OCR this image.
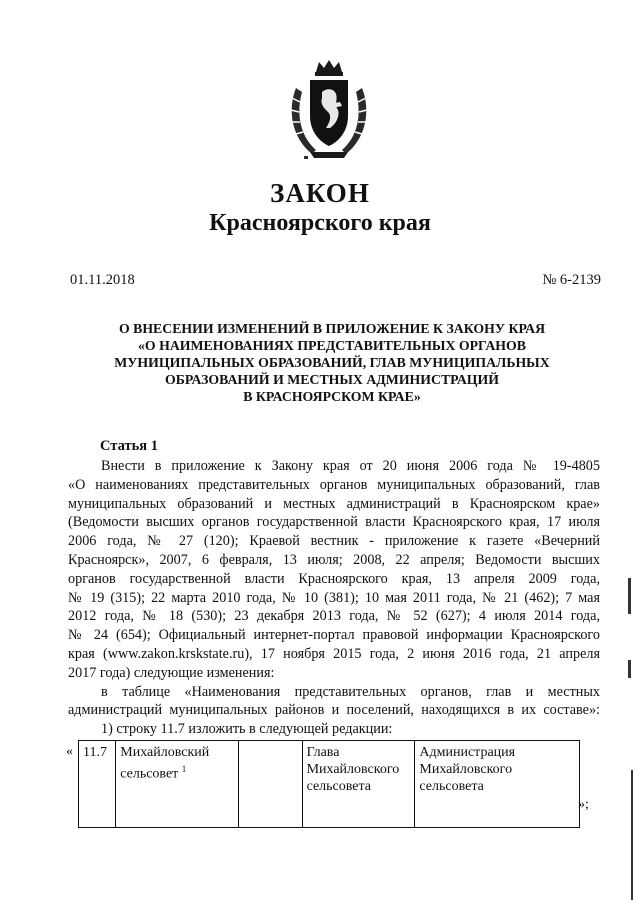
ЗАКОН
Красноярского края
01.11.2018	№ 6-2139
О ВНЕСЕНИИ ИЗМЕНЕНИЙ В ПРИЛОЖЕНИЕ К ЗАКОНУ КРАЯ
«О НАИМЕНОВАНИЯХ ПРЕДСТАВИТЕЛЬНЫХ ОРГАНОВ
МУНИЦИПАЛЬНЫХ ОБРАЗОВАНИЙ, ГЛАВ МУНИЦИПАЛЬНЫХ
ОБРАЗОВАНИЙ И МЕСТНЫХ АДМИНИСТРАЦИЙ
В КРАСНОЯРСКОМ КРАЕ»
Статья 1
Внести в приложение к Закону края от 20 июня 2006 года № 19-4805
«О наименованиях представительных органов муниципальных образований, глав
муниципальных образований и местных администраций в Красноярском крае»
(Ведомости высших органов государственной власти Красноярского края, 17 июля
2006 года, № 27 (120); Краевой вестник - приложение к газете «Вечерний
Красноярск», 2007, 6 февраля, 13 июля; 2008, 22 апреля; Ведомости высших
органов государственной власти Красноярского края, 13 апреля 2009 года,
№ 19 (315); 22 марта 2010 года, № 10 (381); 10 мая 2011 года, № 21 (462); 7 мая
2012 года, № 18 (530); 23 декабря 2013 года, № 52 (627); 4 июля 2014 года,
№ 24 (654); Официальный интернет-портал правовой информации Красноярского
края (www.zakon.krskstate.ru), 17 ноября 2015 года, 2 июня 2016 года, 21 апреля
2017 года) следующие изменения:
в таблице «Наименования представительных органов, глав и местных
администраций муниципальных районов и поселений, находящихся в их составе»:
1) строку 11.7 изложить в следующей редакции:
« 11.7	Михайловский сельсовет $^1$		Глава Михайловского сельсовета	Администрация Михайловского сельсовета
»;
